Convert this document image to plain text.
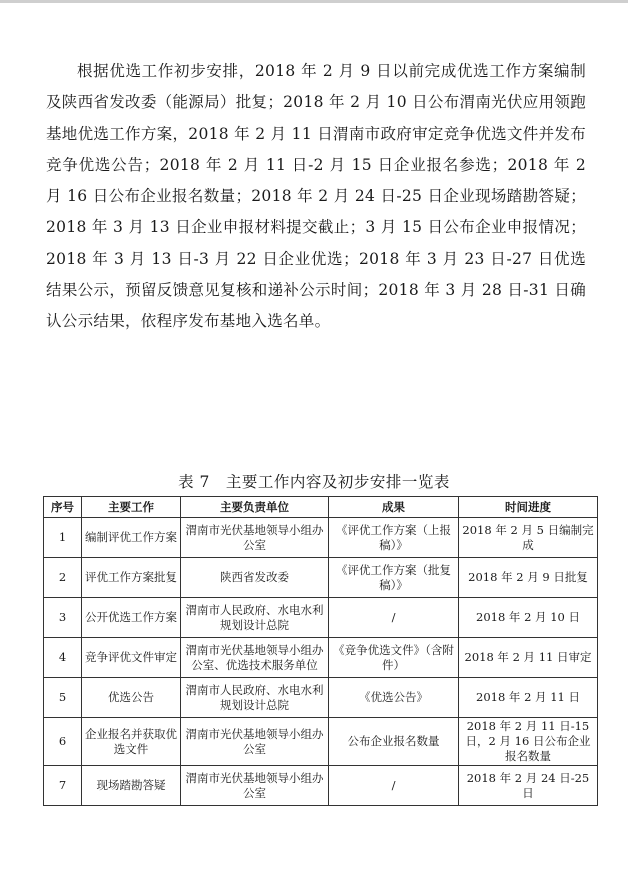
根据优选工作初步安排，2018 年 2 月 9 日以前完成优选工作方案编制及陕西省发改委（能源局）批复；2018 年 2 月 10 日公布渭南光伏应用领跑基地优选工作方案，2018 年 2 月 11 日渭南市政府审定竞争优选文件并发布竞争优选公告；2018 年 2 月 11 日-2 月 15 日企业报名参选；2018 年 2 月 16 日公布企业报名数量；2018 年 2 月 24 日-25 日企业现场踏勘答疑；2018 年 3 月 13 日企业申报材料提交截止；3 月 15 日公布企业申报情况；2018 年 3 月 13 日-3 月 22 日企业优选；2018 年 3 月 23 日-27 日优选结果公示，预留反馈意见复核和递补公示时间；2018 年 3 月 28 日-31 日确认公示结果，依程序发布基地入选名单。

表 7　主要工作内容及初步安排一览表
序号	主要工作	主要负责单位	成果	时间进度
1	编制评优工作方案	渭南市光伏基地领导小组办公室	《评优工作方案（上报稿）》	2018 年 2 月 5 日编制完成
2	评优工作方案批复	陕西省发改委	《评优工作方案（批复稿）》	2018 年 2 月 9 日批复
3	公开优选工作方案	渭南市人民政府、水电水利规划设计总院	/	2018 年 2 月 10 日
4	竞争评优文件审定	渭南市光伏基地领导小组办公室、优选技术服务单位	《竞争优选文件》（含附件）	2018 年 2 月 11 日审定
5	优选公告	渭南市人民政府、水电水利规划设计总院	《优选公告》	2018 年 2 月 11 日
6	企业报名并获取优选文件	渭南市光伏基地领导小组办公室	公布企业报名数量	2018 年 2 月 11 日-15 日，2 月 16 日公布企业报名数量
7	现场踏勘答疑	渭南市光伏基地领导小组办公室	/	2018 年 2 月 24 日-25 日
